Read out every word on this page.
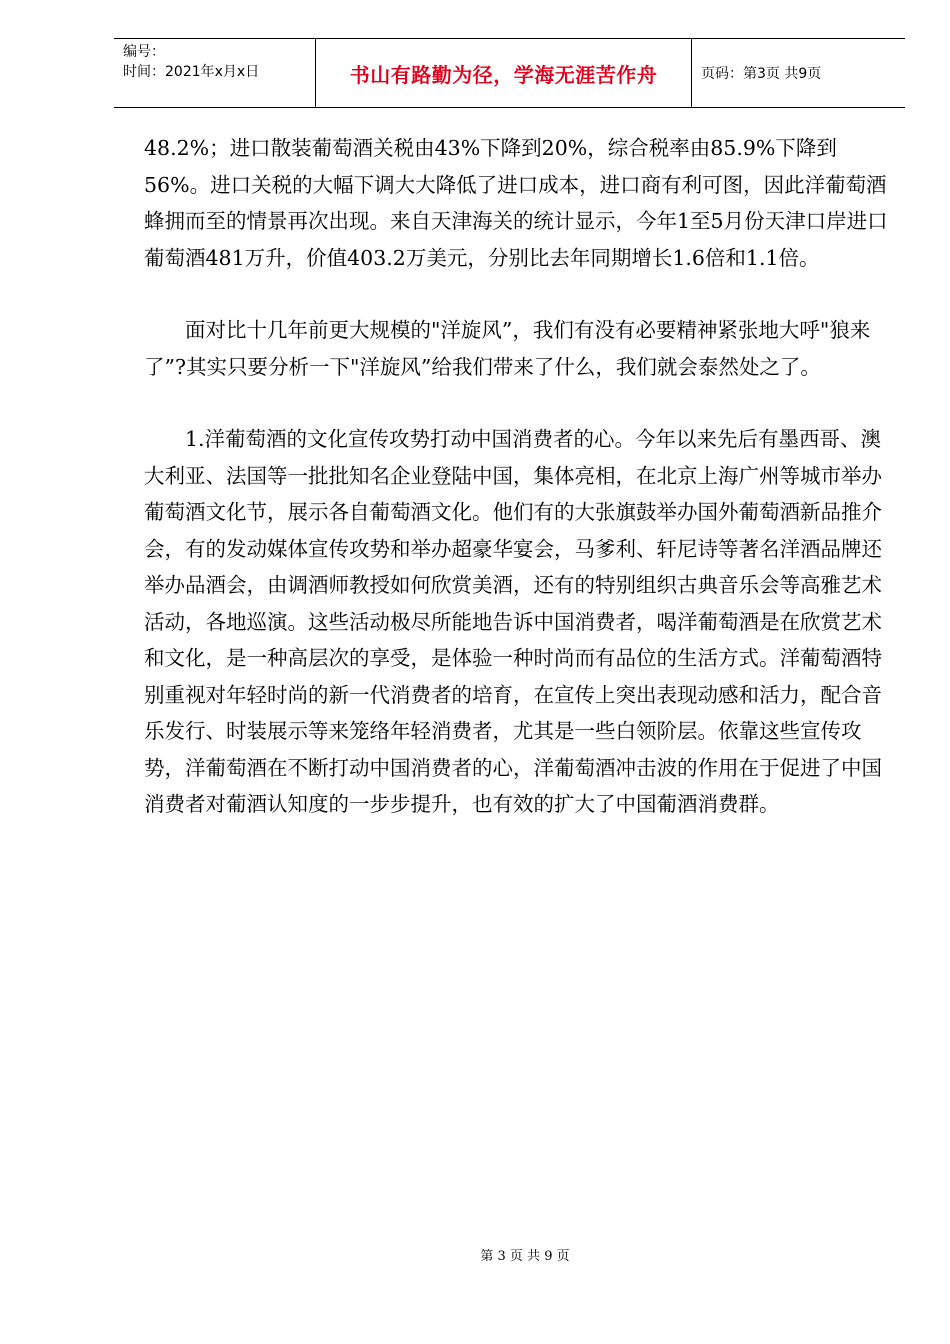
编号：
时间：2021年x月x日	书山有路勤为径，学海无涯苦作舟	页码：第3页 共9页

48.2%；进口散装葡萄酒关税由43%下降到20%，综合税率由85.9%下降到56%。进口关税的大幅下调大大降低了进口成本，进口商有利可图，因此洋葡萄酒蜂拥而至的情景再次出现。来自天津海关的统计显示，今年1至5月份天津口岸进口葡萄酒481万升，价值403.2万美元，分别比去年同期增长1.6倍和1.1倍。

面对比十几年前更大规模的"洋旋风”，我们有没有必要精神紧张地大呼"狼来了”?其实只要分析一下"洋旋风”给我们带来了什么，我们就会泰然处之了。

1.洋葡萄酒的文化宣传攻势打动中国消费者的心。今年以来先后有墨西哥、澳大利亚、法国等一批批知名企业登陆中国，集体亮相，在北京上海广州等城市举办葡萄酒文化节，展示各自葡萄酒文化。他们有的大张旗鼓举办国外葡萄酒新品推介会，有的发动媒体宣传攻势和举办超豪华宴会，马爹利、轩尼诗等著名洋酒品牌还举办品酒会，由调酒师教授如何欣赏美酒，还有的特别组织古典音乐会等高雅艺术活动，各地巡演。这些活动极尽所能地告诉中国消费者，喝洋葡萄酒是在欣赏艺术和文化，是一种高层次的享受，是体验一种时尚而有品位的生活方式。洋葡萄酒特别重视对年轻时尚的新一代消费者的培育，在宣传上突出表现动感和活力，配合音乐发行、时装展示等来笼络年轻消费者，尤其是一些白领阶层。依靠这些宣传攻势，洋葡萄酒在不断打动中国消费者的心，洋葡萄酒冲击波的作用在于促进了中国消费者对葡酒认知度的一步步提升，也有效的扩大了中国葡酒消费群。

第 3 页 共 9 页
